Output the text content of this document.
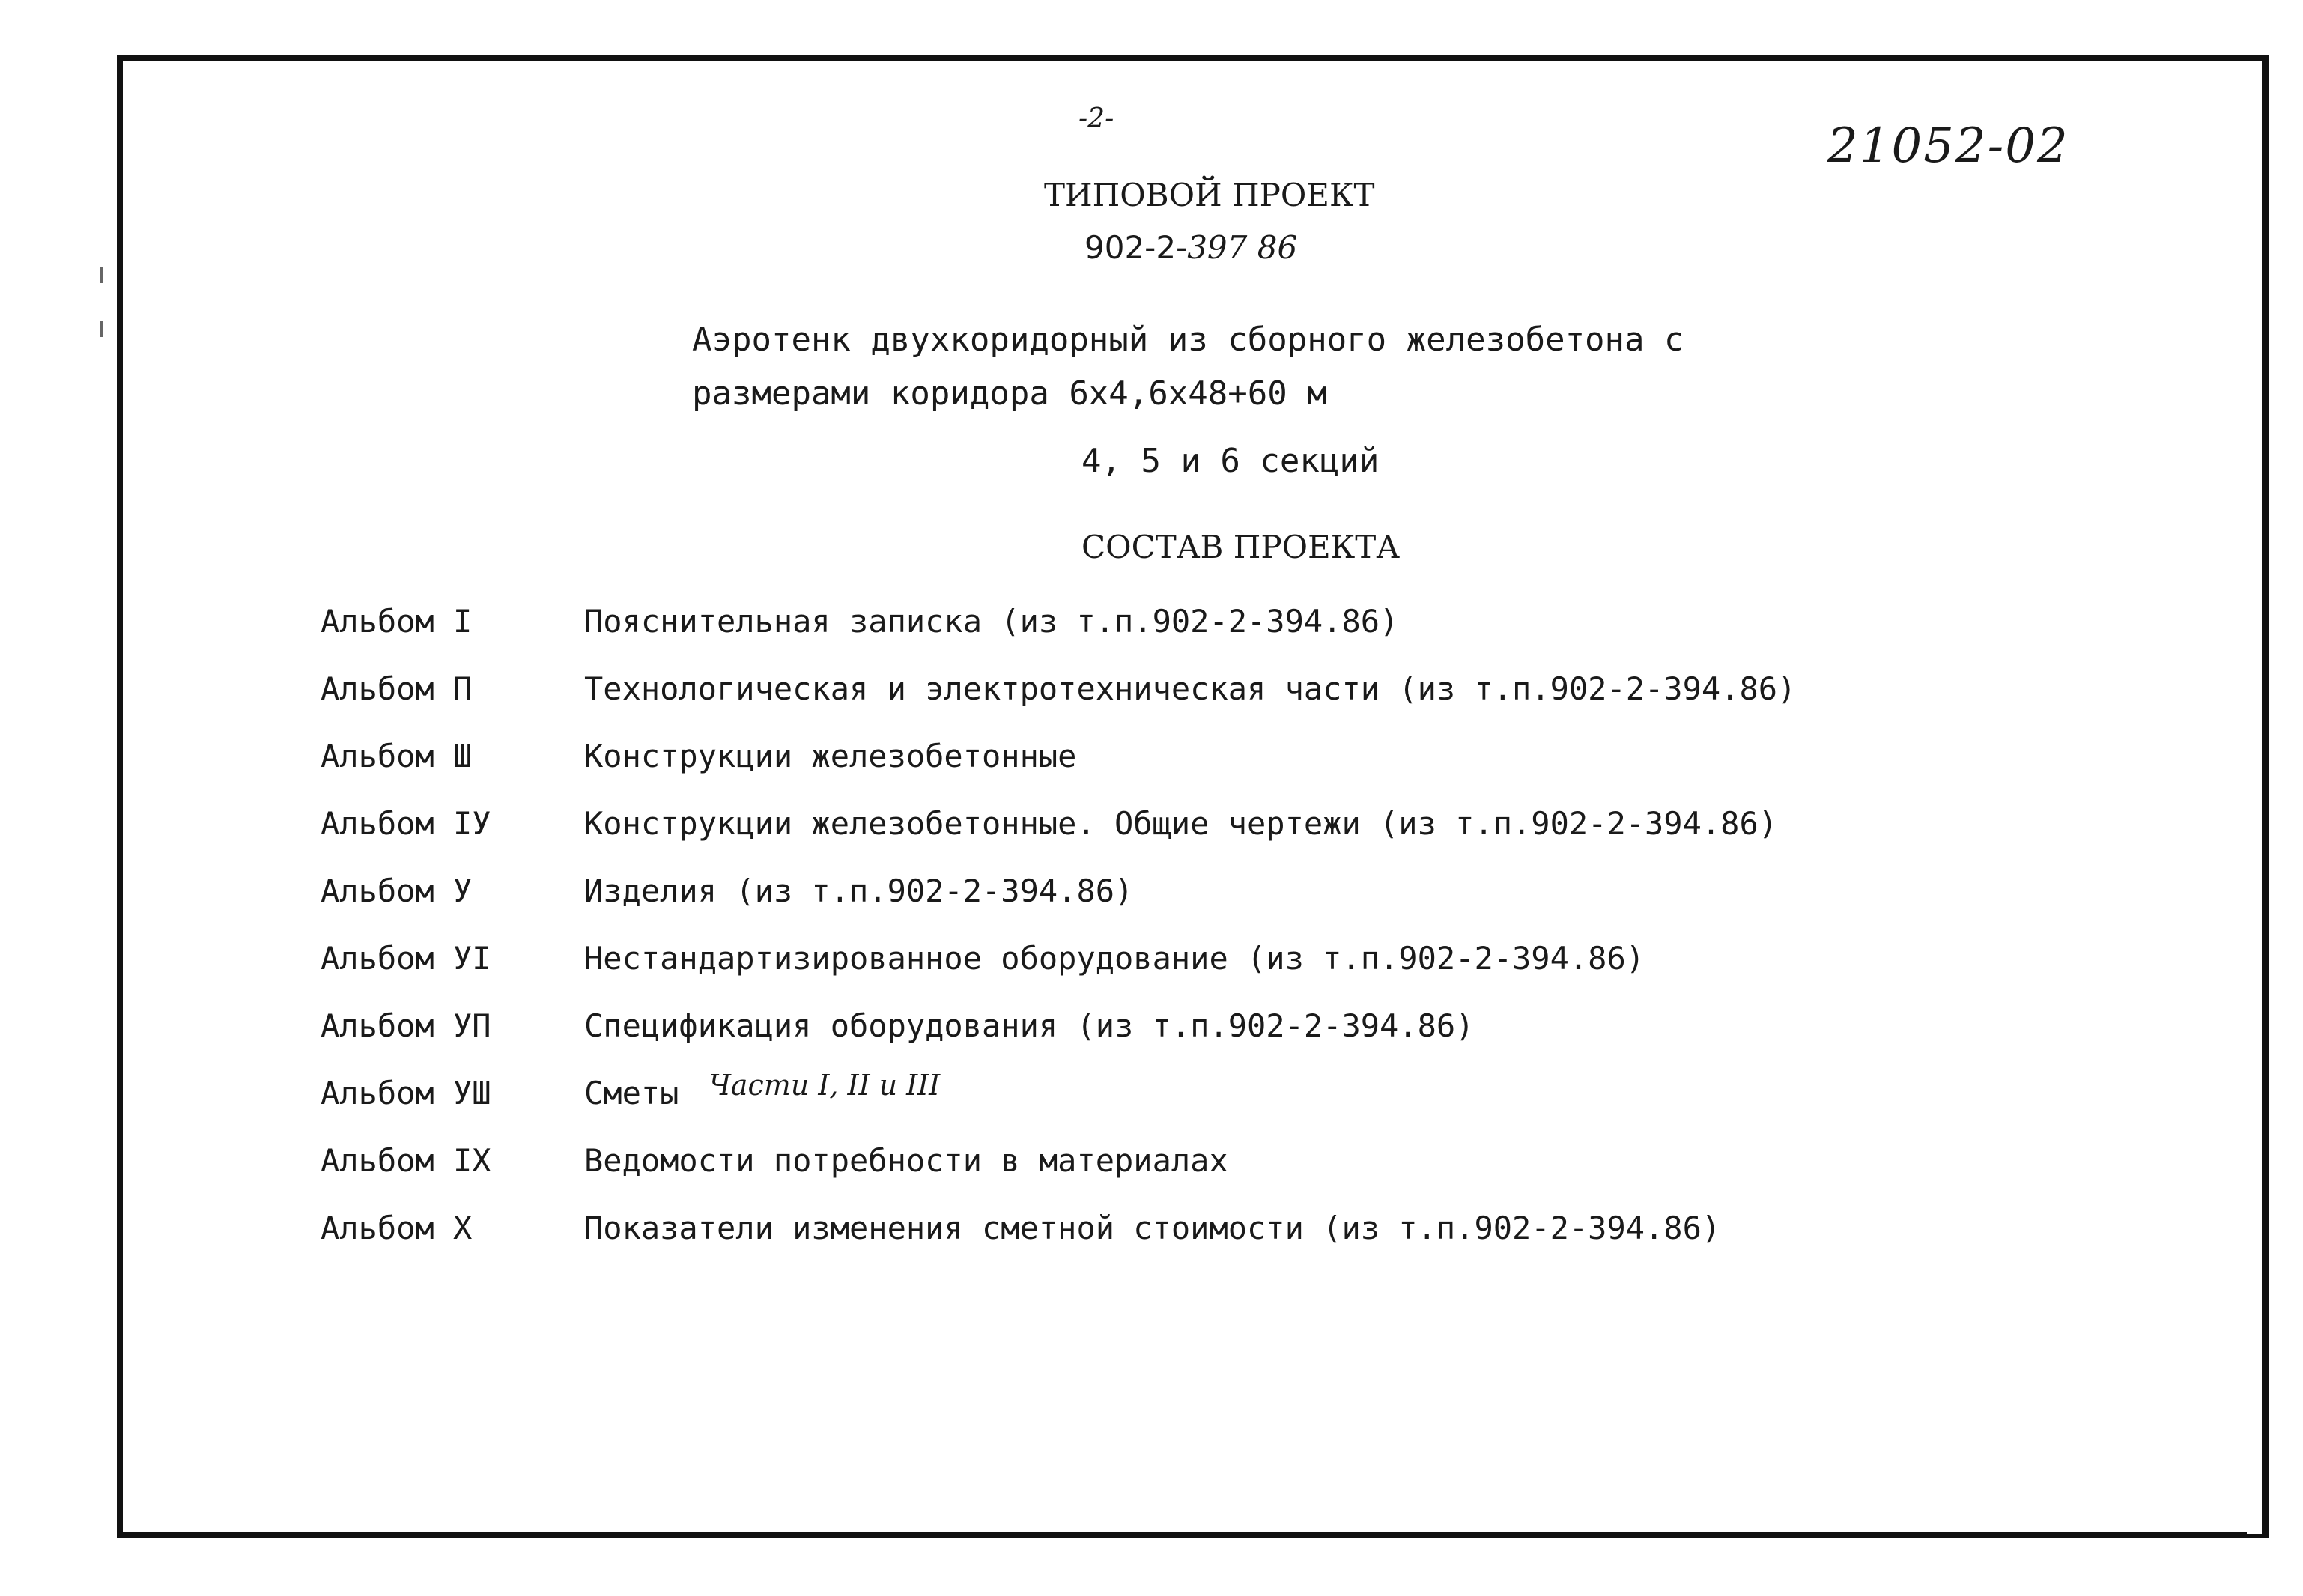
-2-	21052-02
ТИПОВОЙ ПРОЕКТ
902-2-397 86
Аэротенк двухкоридорный из сборного железобетона с
размерами коридора 6х4,6х48+60 м
4, 5 и 6 секций
СОСТАВ ПРОЕКТА
Альбом I	Пояснительная записка (из т.п.902-2-394.86)
Альбом П	Технологическая и электротехническая части (из т.п.902-2-394.86)
Альбом Ш	Конструкции железобетонные
Альбом IУ	Конструкции железобетонные. Общие чертежи (из т.п.902-2-394.86)
Альбом У	Изделия (из т.п.902-2-394.86)
Альбом УI	Нестандартизированное оборудование (из т.п.902-2-394.86)
Альбом УП	Спецификация оборудования (из т.п.902-2-394.86)
Альбом УШ	Сметы Части I, II и III
Альбом IX	Ведомости потребности в материалах
Альбом X	Показатели изменения сметной стоимости (из т.п.902-2-394.86)
